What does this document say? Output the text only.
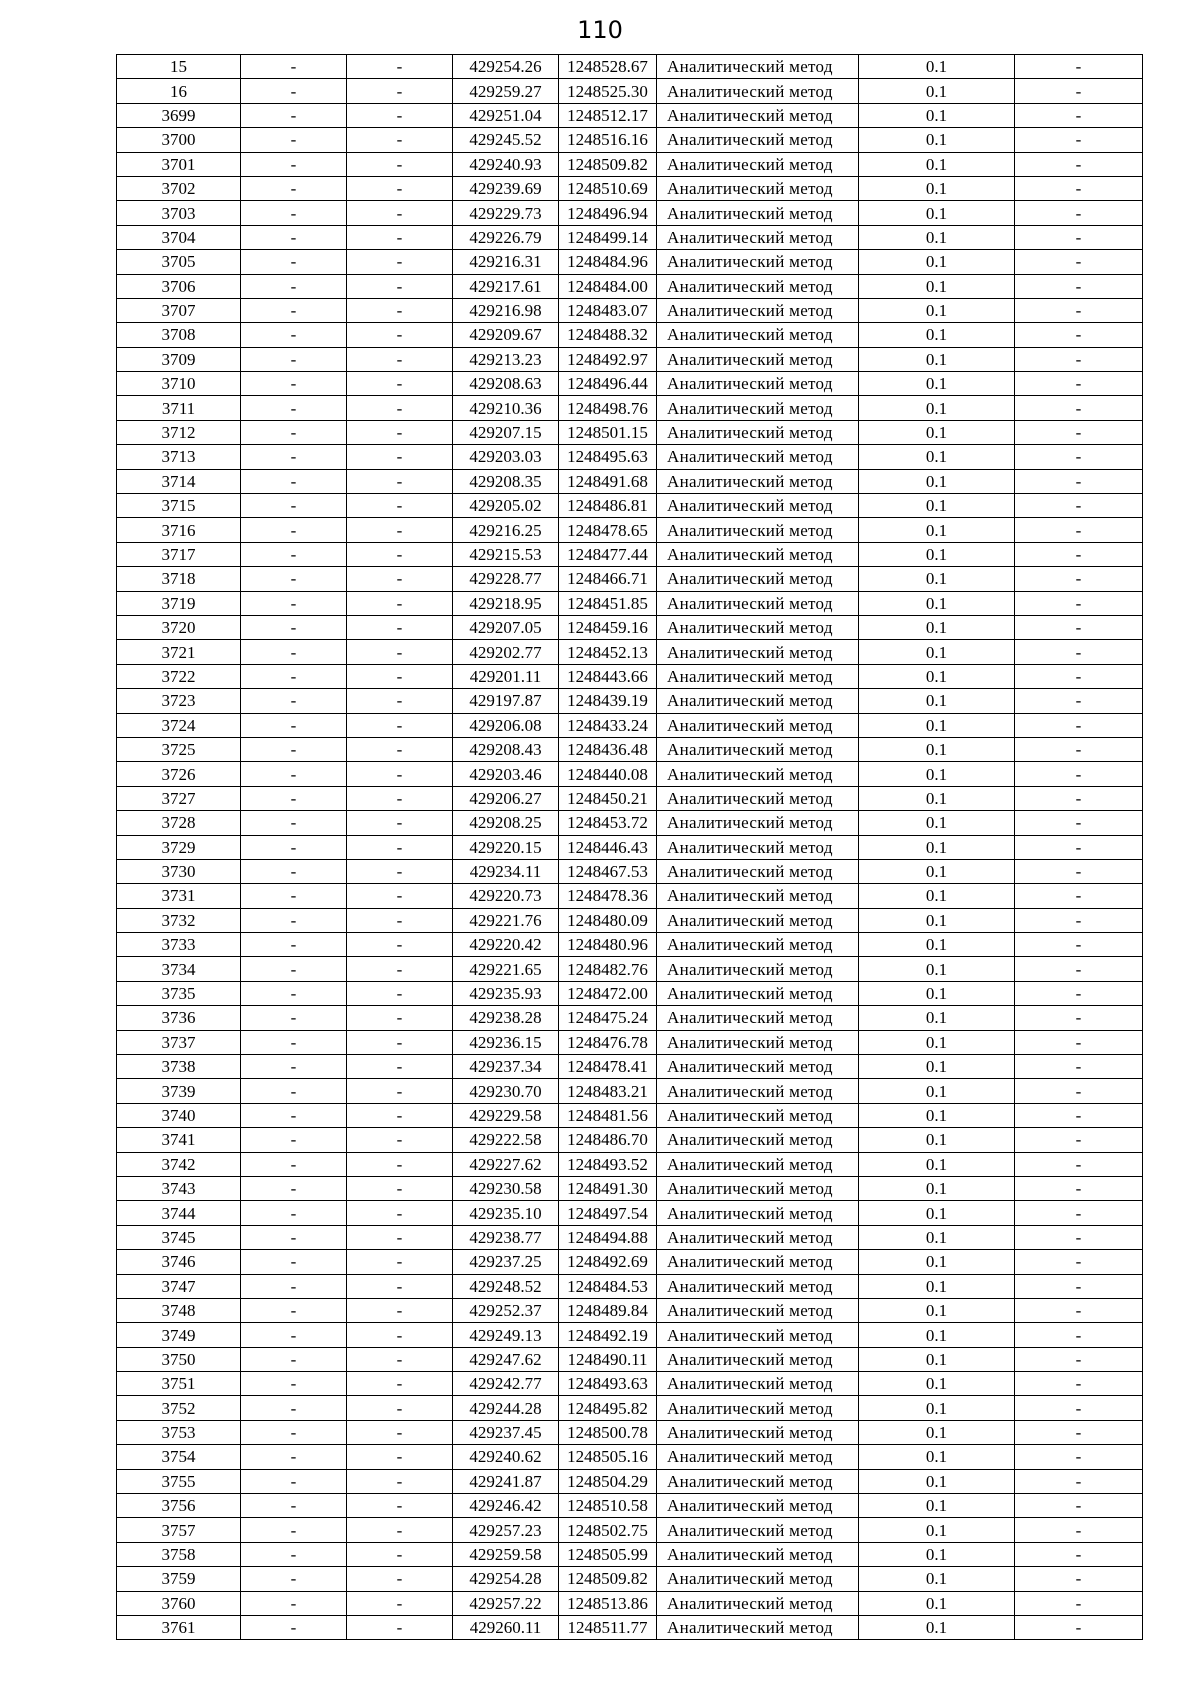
110
15	-	-	429254.26	1248528.67	Аналитический метод	0.1	-
16	-	-	429259.27	1248525.30	Аналитический метод	0.1	-
3699	-	-	429251.04	1248512.17	Аналитический метод	0.1	-
3700	-	-	429245.52	1248516.16	Аналитический метод	0.1	-
3701	-	-	429240.93	1248509.82	Аналитический метод	0.1	-
3702	-	-	429239.69	1248510.69	Аналитический метод	0.1	-
3703	-	-	429229.73	1248496.94	Аналитический метод	0.1	-
3704	-	-	429226.79	1248499.14	Аналитический метод	0.1	-
3705	-	-	429216.31	1248484.96	Аналитический метод	0.1	-
3706	-	-	429217.61	1248484.00	Аналитический метод	0.1	-
3707	-	-	429216.98	1248483.07	Аналитический метод	0.1	-
3708	-	-	429209.67	1248488.32	Аналитический метод	0.1	-
3709	-	-	429213.23	1248492.97	Аналитический метод	0.1	-
3710	-	-	429208.63	1248496.44	Аналитический метод	0.1	-
3711	-	-	429210.36	1248498.76	Аналитический метод	0.1	-
3712	-	-	429207.15	1248501.15	Аналитический метод	0.1	-
3713	-	-	429203.03	1248495.63	Аналитический метод	0.1	-
3714	-	-	429208.35	1248491.68	Аналитический метод	0.1	-
3715	-	-	429205.02	1248486.81	Аналитический метод	0.1	-
3716	-	-	429216.25	1248478.65	Аналитический метод	0.1	-
3717	-	-	429215.53	1248477.44	Аналитический метод	0.1	-
3718	-	-	429228.77	1248466.71	Аналитический метод	0.1	-
3719	-	-	429218.95	1248451.85	Аналитический метод	0.1	-
3720	-	-	429207.05	1248459.16	Аналитический метод	0.1	-
3721	-	-	429202.77	1248452.13	Аналитический метод	0.1	-
3722	-	-	429201.11	1248443.66	Аналитический метод	0.1	-
3723	-	-	429197.87	1248439.19	Аналитический метод	0.1	-
3724	-	-	429206.08	1248433.24	Аналитический метод	0.1	-
3725	-	-	429208.43	1248436.48	Аналитический метод	0.1	-
3726	-	-	429203.46	1248440.08	Аналитический метод	0.1	-
3727	-	-	429206.27	1248450.21	Аналитический метод	0.1	-
3728	-	-	429208.25	1248453.72	Аналитический метод	0.1	-
3729	-	-	429220.15	1248446.43	Аналитический метод	0.1	-
3730	-	-	429234.11	1248467.53	Аналитический метод	0.1	-
3731	-	-	429220.73	1248478.36	Аналитический метод	0.1	-
3732	-	-	429221.76	1248480.09	Аналитический метод	0.1	-
3733	-	-	429220.42	1248480.96	Аналитический метод	0.1	-
3734	-	-	429221.65	1248482.76	Аналитический метод	0.1	-
3735	-	-	429235.93	1248472.00	Аналитический метод	0.1	-
3736	-	-	429238.28	1248475.24	Аналитический метод	0.1	-
3737	-	-	429236.15	1248476.78	Аналитический метод	0.1	-
3738	-	-	429237.34	1248478.41	Аналитический метод	0.1	-
3739	-	-	429230.70	1248483.21	Аналитический метод	0.1	-
3740	-	-	429229.58	1248481.56	Аналитический метод	0.1	-
3741	-	-	429222.58	1248486.70	Аналитический метод	0.1	-
3742	-	-	429227.62	1248493.52	Аналитический метод	0.1	-
3743	-	-	429230.58	1248491.30	Аналитический метод	0.1	-
3744	-	-	429235.10	1248497.54	Аналитический метод	0.1	-
3745	-	-	429238.77	1248494.88	Аналитический метод	0.1	-
3746	-	-	429237.25	1248492.69	Аналитический метод	0.1	-
3747	-	-	429248.52	1248484.53	Аналитический метод	0.1	-
3748	-	-	429252.37	1248489.84	Аналитический метод	0.1	-
3749	-	-	429249.13	1248492.19	Аналитический метод	0.1	-
3750	-	-	429247.62	1248490.11	Аналитический метод	0.1	-
3751	-	-	429242.77	1248493.63	Аналитический метод	0.1	-
3752	-	-	429244.28	1248495.82	Аналитический метод	0.1	-
3753	-	-	429237.45	1248500.78	Аналитический метод	0.1	-
3754	-	-	429240.62	1248505.16	Аналитический метод	0.1	-
3755	-	-	429241.87	1248504.29	Аналитический метод	0.1	-
3756	-	-	429246.42	1248510.58	Аналитический метод	0.1	-
3757	-	-	429257.23	1248502.75	Аналитический метод	0.1	-
3758	-	-	429259.58	1248505.99	Аналитический метод	0.1	-
3759	-	-	429254.28	1248509.82	Аналитический метод	0.1	-
3760	-	-	429257.22	1248513.86	Аналитический метод	0.1	-
3761	-	-	429260.11	1248511.77	Аналитический метод	0.1	-
